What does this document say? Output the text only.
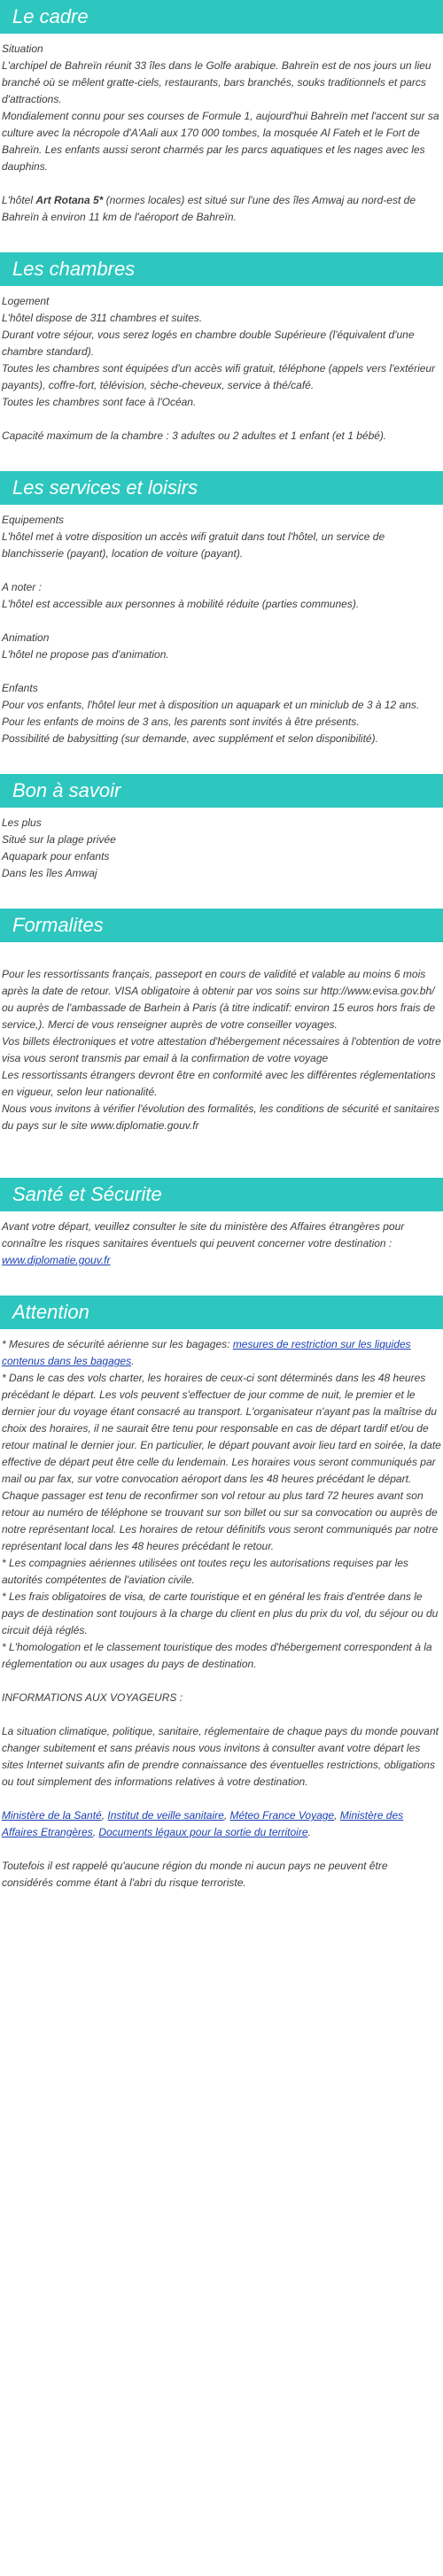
Le cadre

Situation

L'archipel de Bahreïn réunit 33 îles dans le Golfe arabique. Bahreïn est de nos jours un lieu branché où se mêlent gratte-ciels, restaurants, bars branchés, souks traditionnels et parcs d'attractions.

Mondialement connu pour ses courses de Formule 1, aujourd'hui Bahreïn met l'accent sur sa culture avec la nécropole d'A'Aali aux 170 000 tombes, la mosquée Al Fateh et le Fort de Bahreïn. Les enfants aussi seront charmés par les parcs aquatiques et les nages avec les dauphins.

L'hôtel Art Rotana 5* (normes locales) est situé sur l'une des îles Amwaj au nord-est de Bahreïn à environ 11 km de l'aéroport de Bahreïn.

Les chambres

Logement

L'hôtel dispose de 311 chambres et suites.

Durant votre séjour, vous serez logés en chambre double Supérieure (l'équivalent d'une chambre standard).

Toutes les chambres sont équipées d'un accès wifi gratuit, téléphone (appels vers l'extérieur payants), coffre-fort, télévision, sèche-cheveux, service à thé/café.

Toutes les chambres sont face à l'Océan.

Capacité maximum de la chambre : 3 adultes ou 2 adultes et 1 enfant (et 1 bébé).

Les services et loisirs

Equipements

L'hôtel met à votre disposition un accès wifi gratuit dans tout l'hôtel, un service de blanchisserie (payant), location de voiture (payant).

A noter :

L'hôtel est accessible aux personnes à mobilité réduite (parties communes).

Animation

L'hôtel ne propose pas d'animation.

Enfants

Pour vos enfants, l'hôtel leur met à disposition un aquapark et un miniclub de 3 à 12 ans. Pour les enfants de moins de 3 ans, les parents sont invités à être présents.

Possibilité de babysitting (sur demande, avec supplément et selon disponibilité).

Bon à savoir

Les plus

Situé sur la plage privée

Aquapark pour enfants

Dans les îles Amwaj

Formalites

Pour les ressortissants français, passeport en cours de validité et valable au moins 6 mois après la date de retour. VISA obligatoire à obtenir par vos soins sur http://www.evisa.gov.bh/ ou auprès de l'ambassade de Barhein à Paris (à titre indicatif: environ 15 euros hors frais de service,). Merci de vous renseigner auprès de votre conseiller voyages.

Vos billets électroniques et votre attestation d'hébergement nécessaires à l'obtention de votre visa vous seront transmis par email à la confirmation de votre voyage

Les ressortissants étrangers devront être en conformité avec les différentes réglementations en vigueur, selon leur nationalité.

Nous vous invitons à vérifier l'évolution des formalités, les conditions de sécurité et sanitaires du pays sur le site www.diplomatie.gouv.fr

Santé et Sécurite

Avant votre départ, veuillez consulter le site du ministère des Affaires étrangères pour connaître les risques sanitaires éventuels qui peuvent concerner votre destination : www.diplomatie.gouv.fr

Attention

* Mesures de sécurité aérienne sur les bagages: mesures de restriction sur les liquides contenus dans les bagages.

* Dans le cas des vols charter, les horaires de ceux-ci sont déterminés dans les 48 heures précédant le départ. Les vols peuvent s'effectuer de jour comme de nuit, le premier et le dernier jour du voyage étant consacré au transport. L'organisateur n'ayant pas la maîtrise du choix des horaires, il ne saurait être tenu pour responsable en cas de départ tardif et/ou de retour matinal le dernier jour. En particulier, le départ pouvant avoir lieu tard en soirée, la date effective de départ peut être celle du lendemain. Les horaires vous seront communiqués par mail ou par fax, sur votre convocation aéroport dans les 48 heures précédant le départ. Chaque passager est tenu de reconfirmer son vol retour au plus tard 72 heures avant son retour au numéro de téléphone se trouvant sur son billet ou sur sa convocation ou auprès de notre représentant local. Les horaires de retour définitifs vous seront communiqués par notre représentant local dans les 48 heures précédant le retour.

* Les compagnies aériennes utilisées ont toutes reçu les autorisations requises par les autorités compétentes de l'aviation civile.

* Les frais obligatoires de visa, de carte touristique et en général les frais d'entrée dans le pays de destination sont toujours à la charge du client en plus du prix du vol, du séjour ou du circuit déjà réglés.

* L'homologation et le classement touristique des modes d'hébergement correspondent à la réglementation ou aux usages du pays de destination.

INFORMATIONS AUX VOYAGEURS :

La situation climatique, politique, sanitaire, réglementaire de chaque pays du monde pouvant changer subitement et sans préavis nous vous invitons à consulter avant votre départ les sites Internet suivants afin de prendre connaissance des éventuelles restrictions, obligations ou tout simplement des informations relatives à votre destination.

Ministère de la Santé, Institut de veille sanitaire, Méteo France Voyage, Ministère des Affaires Etrangères, Documents légaux pour la sortie du territoire.

Toutefois il est rappelé qu'aucune région du monde ni aucun pays ne peuvent être considérés comme étant à l'abri du risque terroriste.
